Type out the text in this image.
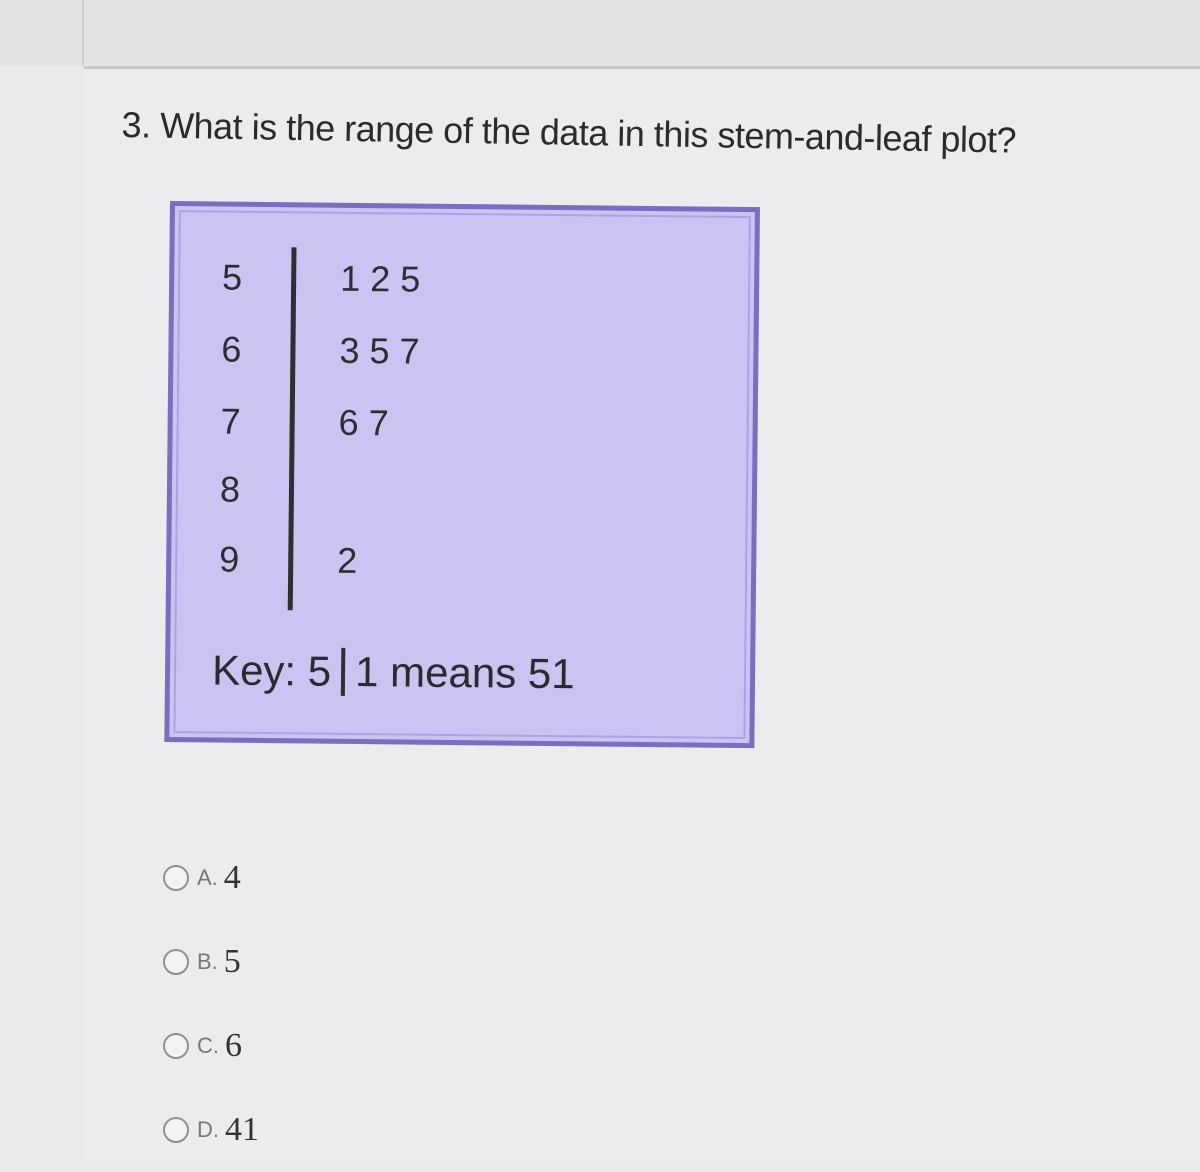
3. What is the range of the data in this stem-and-leaf plot?
5	1 2 5
6	3 5 7
7	6 7
8
9	2
Key: 5 1 means 51
A. 4
B. 5
C. 6
D. 41
